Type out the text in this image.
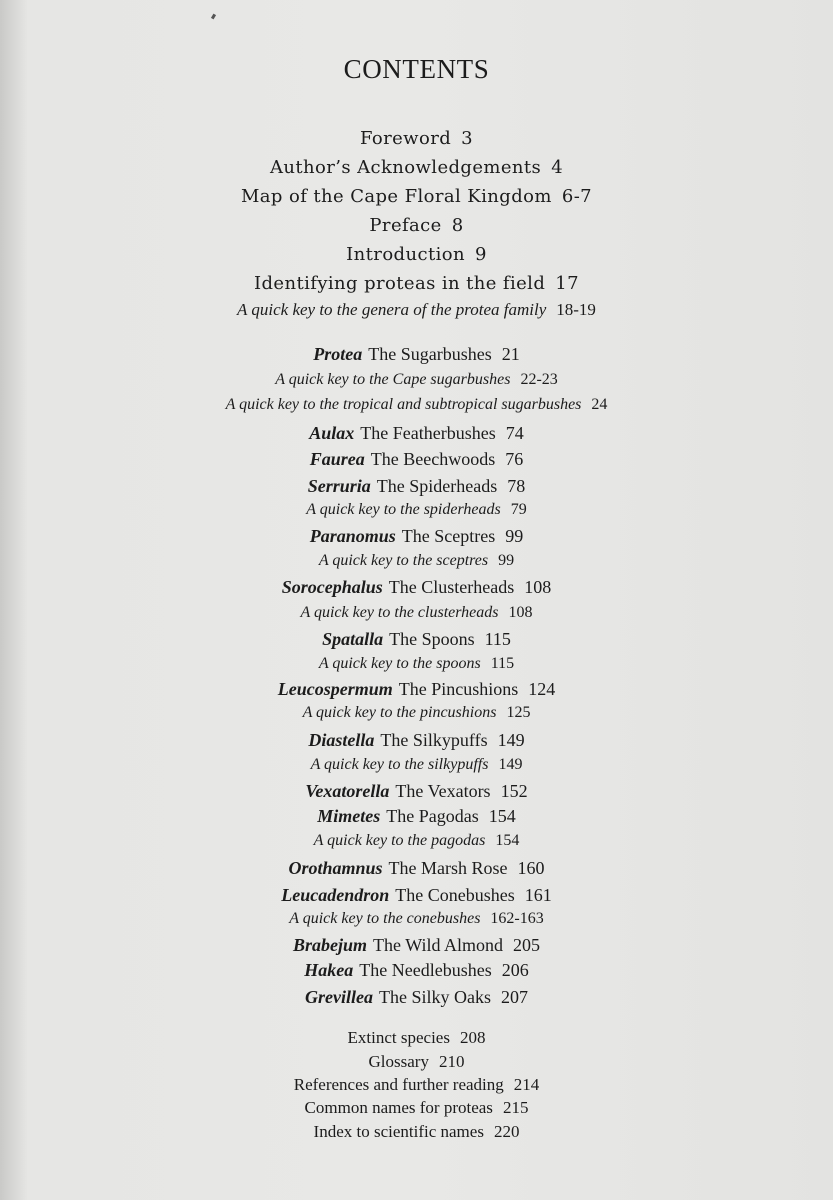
CONTENTS
Foreword 3
Author’s Acknowledgements 4
Map of the Cape Floral Kingdom 6-7
Preface 8
Introduction 9
Identifying proteas in the field 17
A quick key to the genera of the protea family 18-19
Protea The Sugarbushes 21
A quick key to the Cape sugarbushes 22-23
A quick key to the tropical and subtropical sugarbushes 24
Aulax The Featherbushes 74
Faurea The Beechwoods 76
Serruria The Spiderheads 78
A quick key to the spiderheads 79
Paranomus The Sceptres 99
A quick key to the sceptres 99
Sorocephalus The Clusterheads 108
A quick key to the clusterheads 108
Spatalla The Spoons 115
A quick key to the spoons 115
Leucospermum The Pincushions 124
A quick key to the pincushions 125
Diastella The Silkypuffs 149
A quick key to the silkypuffs 149
Vexatorella The Vexators 152
Mimetes The Pagodas 154
A quick key to the pagodas 154
Orothamnus The Marsh Rose 160
Leucadendron The Conebushes 161
A quick key to the conebushes 162-163
Brabejum The Wild Almond 205
Hakea The Needlebushes 206
Grevillea The Silky Oaks 207
Extinct species 208
Glossary 210
References and further reading 214
Common names for proteas 215
Index to scientific names 220
